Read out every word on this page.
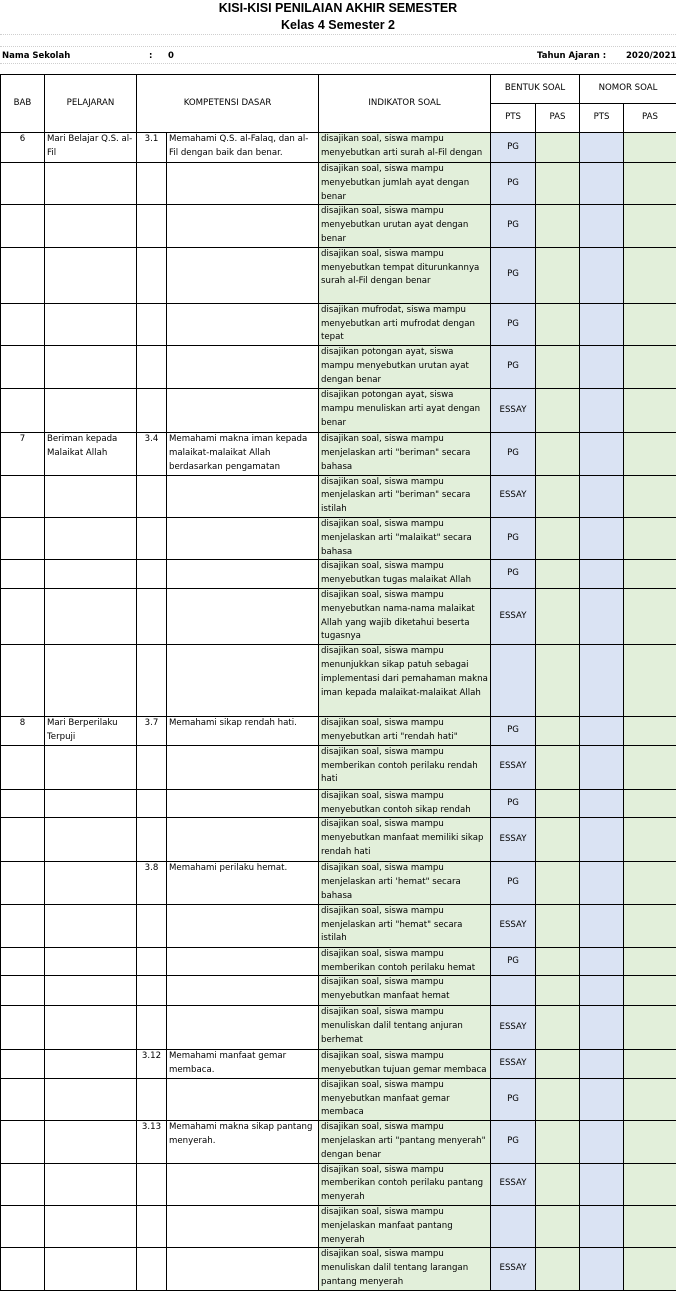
KISI-KISI PENILAIAN AKHIR SEMESTER
Kelas 4 Semester 2
Nama Sekolah	: 0	Tahun Ajaran : 2020/2021
BAB	PELAJARAN	KOMPETENSI DASAR		INDIKATOR SOAL	BENTUK SOAL		NOMOR SOAL	
					PTS	PAS	PTS	PAS
6	Mari Belajar Q.S. al-Fil	3.1	Memahami Q.S. al-Falaq, dan al-Fil dengan baik dan benar.	disajikan soal, siswa mampu menyebutkan arti surah al-Fil dengan	PG			
				disajikan soal, siswa mampu menyebutkan jumlah ayat dengan benar	PG			
				disajikan soal, siswa mampu menyebutkan urutan ayat dengan benar	PG			
				disajikan soal, siswa mampu menyebutkan tempat diturunkannya surah al-Fil dengan benar	PG			
				disajikan mufrodat, siswa mampu menyebutkan arti mufrodat dengan tepat	PG			
				disajikan potongan ayat, siswa mampu menyebutkan urutan ayat dengan benar	PG			
				disajikan potongan ayat, siswa mampu menuliskan arti ayat dengan benar	ESSAY			
7	Beriman kepada Malaikat Allah	3.4	Memahami makna iman kepada malaikat-malaikat Allah berdasarkan pengamatan	disajikan soal, siswa mampu menjelaskan arti "beriman" secara bahasa	PG			
				disajikan soal, siswa mampu menjelaskan arti "beriman" secara istilah	ESSAY			
				disajikan soal, siswa mampu menjelaskan arti "malaikat" secara bahasa	PG			
				disajikan soal, siswa mampu menyebutkan tugas malaikat Allah	PG			
				disajikan soal, siswa mampu menyebutkan nama-nama malaikat Allah yang wajib diketahui beserta tugasnya	ESSAY			
				disajikan soal, siswa mampu menunjukkan sikap patuh sebagai implementasi dari pemahaman makna iman kepada malaikat-malaikat Allah				
8	Mari Berperilaku Terpuji	3.7	Memahami sikap rendah hati.	disajikan soal, siswa mampu menyebutkan arti "rendah hati"	PG			
				disajikan soal, siswa mampu memberikan contoh perilaku rendah hati	ESSAY			
				disajikan soal, siswa mampu menyebutkan contoh sikap rendah	PG			
				disajikan soal, siswa mampu menyebutkan manfaat memiliki sikap rendah hati	ESSAY			
		3.8	Memahami perilaku hemat.	disajikan soal, siswa mampu menjelaskan arti 'hemat" secara bahasa	PG			
				disajikan soal, siswa mampu menjelaskan arti "hemat" secara istilah	ESSAY			
				disajikan soal, siswa mampu memberikan contoh perilaku hemat	PG			
				disajikan soal, siswa mampu menyebutkan manfaat hemat				
				disajikan soal, siswa mampu menuliskan dalil tentang anjuran berhemat	ESSAY			
		3.12	Memahami manfaat gemar membaca.	disajikan soal, siswa mampu menyebutkan tujuan gemar membaca	ESSAY			
				disajikan soal, siswa mampu menyebutkan manfaat gemar membaca	PG			
		3.13	Memahami makna sikap pantang menyerah.	disajikan soal, siswa mampu menjelaskan arti "pantang menyerah" dengan benar	PG			
				disajikan soal, siswa mampu memberikan contoh perilaku pantang menyerah	ESSAY			
				disajikan soal, siswa mampu menjelaskan manfaat pantang menyerah				
				disajikan soal, siswa mampu menuliskan dalil tentang larangan pantang menyerah	ESSAY			
